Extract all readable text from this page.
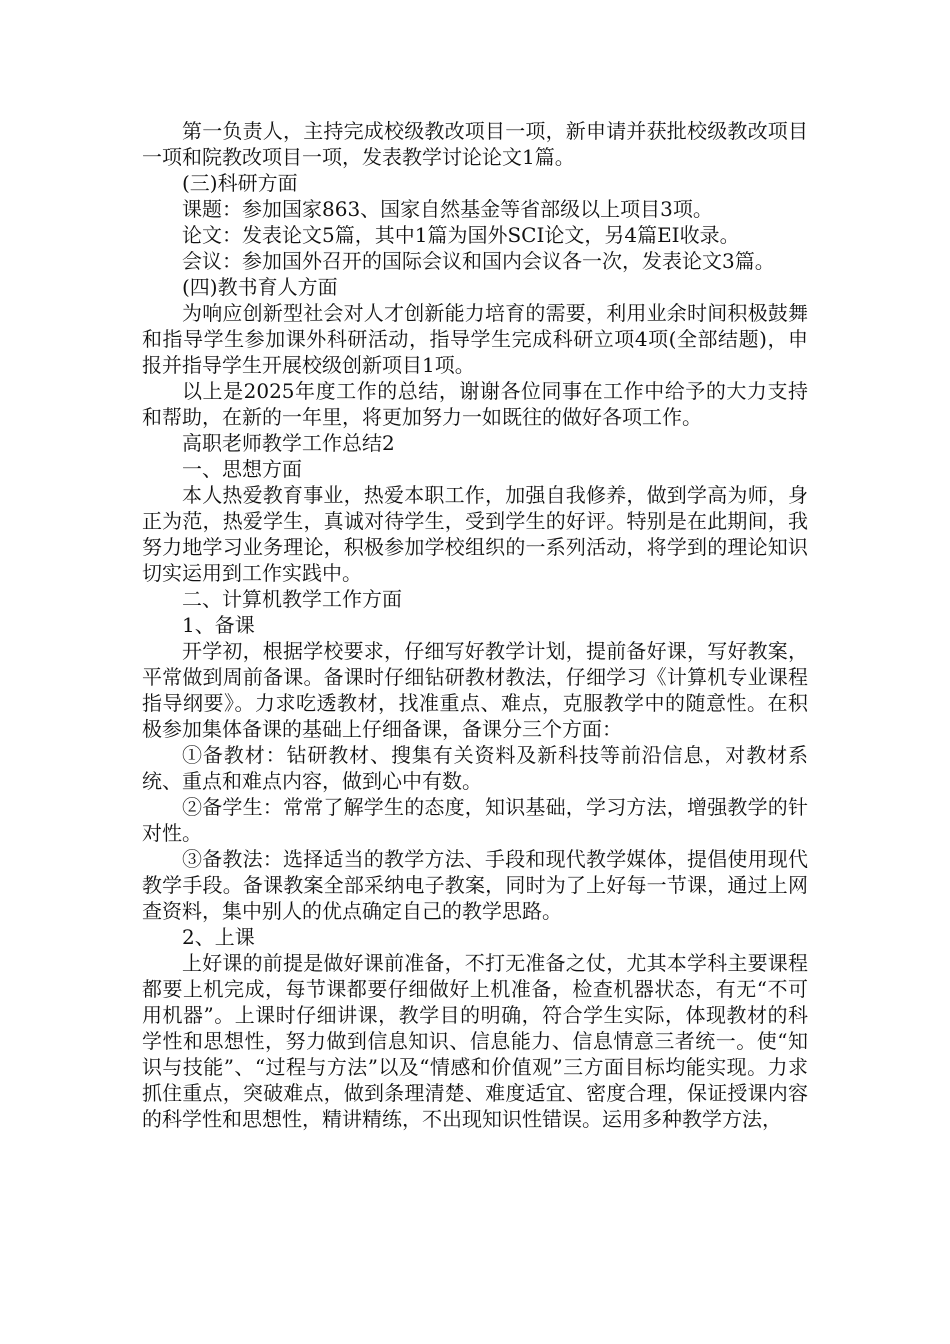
第一负责人，主持完成校级教改项目一项，新申请并获批校级教改项目一项和院教改项目一项，发表教学讨论论文1篇。

(三)科研方面

课题：参加国家863、国家自然基金等省部级以上项目3项。

论文：发表论文5篇，其中1篇为国外SCI论文，另4篇EI收录。

会议：参加国外召开的国际会议和国内会议各一次，发表论文3篇。

(四)教书育人方面

为响应创新型社会对人才创新能力培育的需要，利用业余时间积极鼓舞和指导学生参加课外科研活动，指导学生完成科研立项4项(全部结题)，申报并指导学生开展校级创新项目1项。

以上是2025年度工作的总结，谢谢各位同事在工作中给予的大力支持和帮助，在新的一年里，将更加努力一如既往的做好各项工作。

高职老师教学工作总结2

一、思想方面

本人热爱教育事业，热爱本职工作，加强自我修养，做到学高为师，身正为范，热爱学生，真诚对待学生，受到学生的好评。特别是在此期间，我努力地学习业务理论，积极参加学校组织的一系列活动，将学到的理论知识切实运用到工作实践中。

二、计算机教学工作方面

1、备课

开学初，根据学校要求，仔细写好教学计划，提前备好课，写好教案，平常做到周前备课。备课时仔细钻研教材教法，仔细学习《计算机专业课程指导纲要》。力求吃透教材，找准重点、难点，克服教学中的随意性。在积极参加集体备课的基础上仔细备课，备课分三个方面：

①备教材：钻研教材、搜集有关资料及新科技等前沿信息，对教材系统、重点和难点内容，做到心中有数。

②备学生：常常了解学生的态度，知识基础，学习方法，增强教学的针对性。

③备教法：选择适当的教学方法、手段和现代教学媒体，提倡使用现代教学手段。备课教案全部采纳电子教案，同时为了上好每一节课，通过上网查资料，集中别人的优点确定自己的教学思路。

2、上课

上好课的前提是做好课前准备，不打无准备之仗，尤其本学科主要课程都要上机完成，每节课都要仔细做好上机准备，检查机器状态，有无“不可用机器”。上课时仔细讲课，教学目的明确，符合学生实际，体现教材的科学性和思想性，努力做到信息知识、信息能力、信息情意三者统一。使“知识与技能”、“过程与方法”以及“情感和价值观”三方面目标均能实现。力求抓住重点，突破难点，做到条理清楚、难度适宜、密度合理，保证授课内容的科学性和思想性，精讲精练，不出现知识性错误。运用多种教学方法，
